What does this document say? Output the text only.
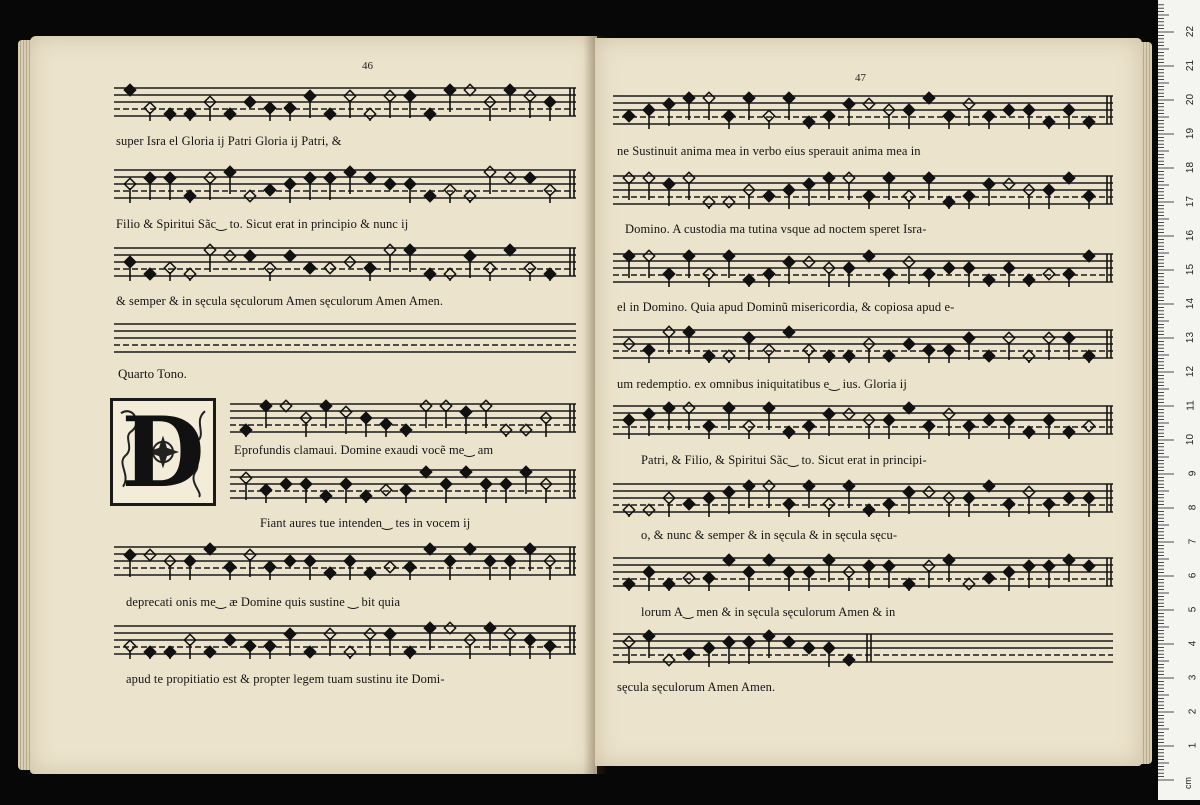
46
super Isra el Gloria ij Patri Gloria ij Patri, &
Filio & Spiritui Sãc‿ to. Sicut erat in principio & nunc ij
& semper & in sęcula sęculorum Amen sęculorum Amen Amen.
Quarto Tono.
Eprofundis clamaui. Domine exaudi vocẽ me‿ am
Fiant aures tue intenden‿ tes in vocem ij
deprecati onis me‿ æ Domine quis sustine ‿ bit quia
apud te propitiatio est & propter legem tuam sustinu ite Domi-
D
47
ne Sustinuit anima mea in verbo eius sperauit anima mea in
Domino. A custodia ma tutina vsque ad noctem speret Isra-
el in Domino. Quia apud Dominũ misericordia, & copiosa apud e-
um redemptio. ex omnibus iniquitatibus e‿ ius. Gloria ij
Patri, & Filio, & Spiritui Sãc‿ to. Sicut erat in principi-
o, & nunc & semper & in sęcula & in sęcula sęcu-
lorum A‿ men & in sęcula sęculorum Amen & in
sęcula sęculorum Amen Amen.
cm
1
2
3
4
5
6
7
8
9
10
11
12
13
14
15
16
17
18
19
20
21
22
